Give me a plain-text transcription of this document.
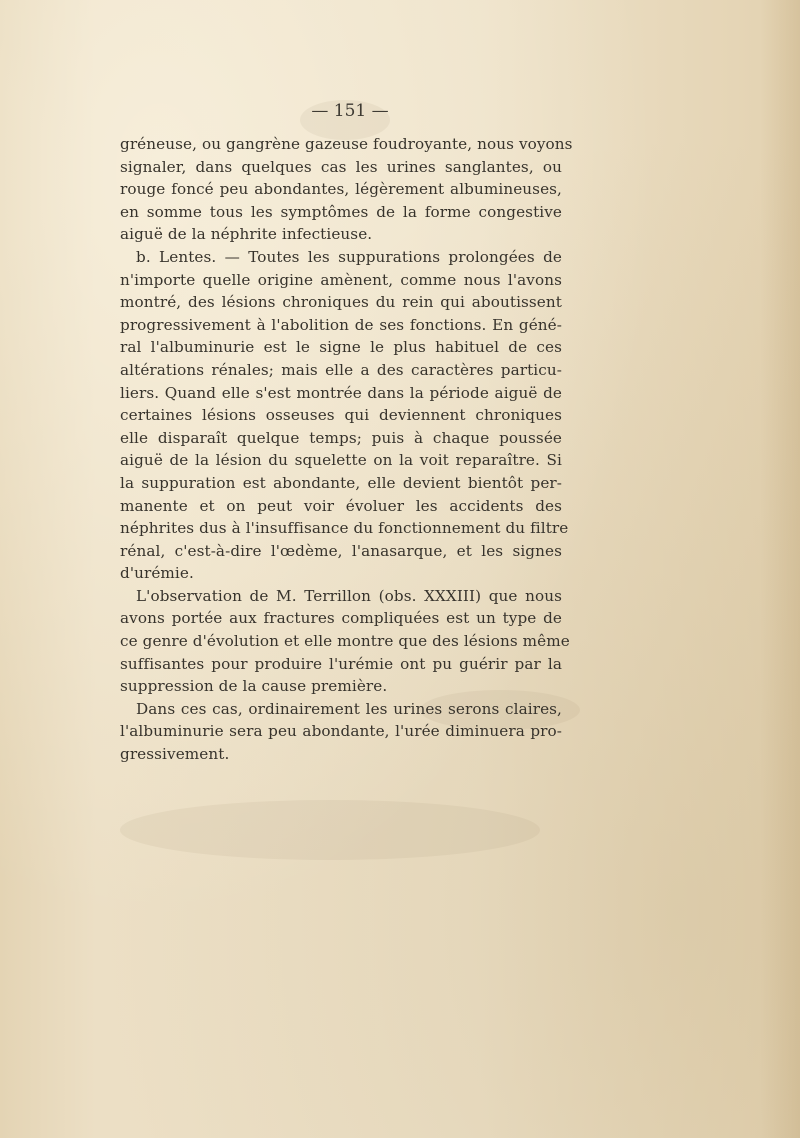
— 151 —
gréneuse, ou gangrène gazeuse foudroyante, nous voyons
signaler, dans quelques cas les urines sanglantes, ou
rouge foncé peu abondantes, légèrement albumineuses,
en somme tous les symptômes de la forme congestive
aiguë de la néphrite infectieuse.
b. Lentes. — Toutes les suppurations prolongées de
n'importe quelle origine amènent, comme nous l'avons
montré, des lésions chroniques du rein qui aboutissent
progressivement à l'abolition de ses fonctions. En géné-
ral l'albuminurie est le signe le plus habituel de ces
altérations rénales; mais elle a des caractères particu-
liers. Quand elle s'est montrée dans la période aiguë de
certaines lésions osseuses qui deviennent chroniques
elle disparaît quelque temps; puis à chaque poussée
aiguë de la lésion du squelette on la voit reparaître. Si
la suppuration est abondante, elle devient bientôt per-
manente et on peut voir évoluer les accidents des
néphrites dus à l'insuffisance du fonctionnement du filtre
rénal, c'est-à-dire l'œdème, l'anasarque, et les signes
d'urémie.
L'observation de M. Terrillon (obs. XXXIII) que nous
avons portée aux fractures compliquées est un type de
ce genre d'évolution et elle montre que des lésions même
suffisantes pour produire l'urémie ont pu guérir par la
suppression de la cause première.
Dans ces cas, ordinairement les urines serons claires,
l'albuminurie sera peu abondante, l'urée diminuera pro-
gressivement.
